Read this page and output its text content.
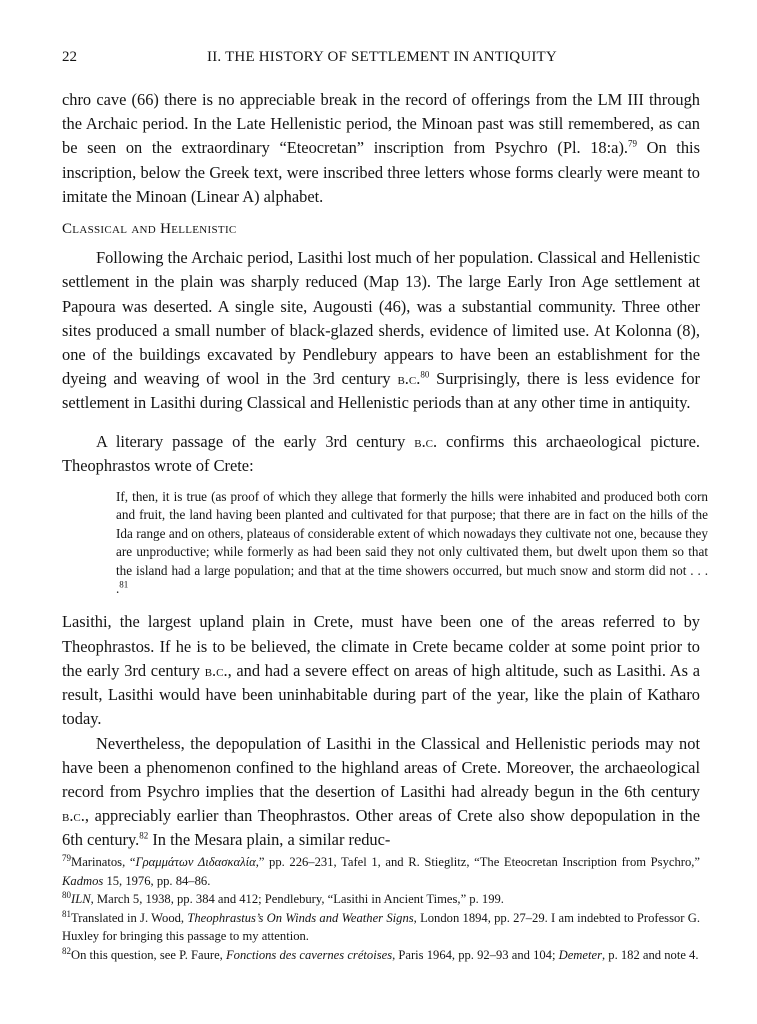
22	II. THE HISTORY OF SETTLEMENT IN ANTIQUITY

chro cave (66) there is no appreciable break in the record of offerings from the LM III through the Archaic period. In the Late Hellenistic period, the Minoan past was still remembered, as can be seen on the extraordinary “Eteocretan” inscription from Psychro (Pl. 18:a).$^{79}$ On this inscription, below the Greek text, were inscribed three letters whose forms clearly were meant to imitate the Minoan (Linear A) alphabet.

Classical and Hellenistic

Following the Archaic period, Lasithi lost much of her population. Classical and Hellenistic settlement in the plain was sharply reduced (Map 13). The large Early Iron Age settlement at Papoura was deserted. A single site, Augousti (46), was a substantial community. Three other sites produced a small number of black-glazed sherds, evidence of limited use. At Kolonna (8), one of the buildings excavated by Pendlebury appears to have been an establishment for the dyeing and weaving of wool in the 3rd century b.c.$^{80}$ Surprisingly, there is less evidence for settlement in Lasithi during Classical and Hellenistic periods than at any other time in antiquity.

A literary passage of the early 3rd century b.c. confirms this archaeological picture. Theophrastos wrote of Crete:

If, then, it is true (as proof of which they allege that formerly the hills were inhabited and produced both corn and fruit, the land having been planted and cultivated for that purpose; that there are in fact on the hills of the Ida range and on others, plateaus of considerable extent of which nowadays they cultivate not one, because they are unproductive; while formerly as had been said they not only cultivated them, but dwelt upon them so that the island had a large population; and that at the time showers occurred, but much snow and storm did not . . . .$^{81}$

Lasithi, the largest upland plain in Crete, must have been one of the areas referred to by Theophrastos. If he is to be believed, the climate in Crete became colder at some point prior to the early 3rd century b.c., and had a severe effect on areas of high altitude, such as Lasithi. As a result, Lasithi would have been uninhabitable during part of the year, like the plain of Katharo today.

Nevertheless, the depopulation of Lasithi in the Classical and Hellenistic periods may not have been a phenomenon confined to the highland areas of Crete. Moreover, the archaeological record from Psychro implies that the desertion of Lasithi had already begun in the 6th century b.c., appreciably earlier than Theophrastos. Other areas of Crete also show depopulation in the 6th century.$^{82}$ In the Mesara plain, a similar reduc-

$^{79}$Marinatos, “Γραμμάτων Διδασκαλία,” pp. 226–231, Tafel 1, and R. Stieglitz, “The Eteocretan Inscription from Psychro,” Kadmos 15, 1976, pp. 84–86.

$^{80}$ILN, March 5, 1938, pp. 384 and 412; Pendlebury, “Lasithi in Ancient Times,” p. 199.

$^{81}$Translated in J. Wood, Theophrastus’s On Winds and Weather Signs, London 1894, pp. 27–29. I am indebted to Professor G. Huxley for bringing this passage to my attention.

$^{82}$On this question, see P. Faure, Fonctions des cavernes crétoises, Paris 1964, pp. 92–93 and 104; Demeter, p. 182 and note 4.
